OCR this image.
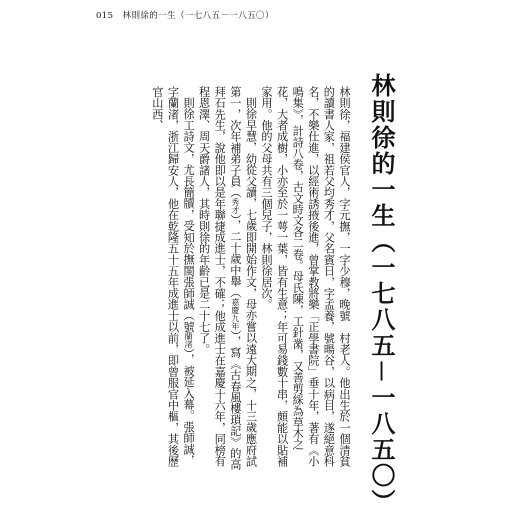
015 林則徐的一生（一七八五－一八五〇）
林則徐的一生（一七八五－一八五〇）

林則徐，福建侯官人，字元撫，一字少穆，晚號　村老人。他出生於一個清貧的讀書人家，祖若父均秀才，父名賓日，字孟養，號暘谷，以病目，遂絕意科名，不樂仕進，以經術誘掖後進，曾掌教將樂「正學書院」垂十年，著有《小鳴集》，計詩八卷，古文時文各二卷。母氏陳，工針黹，又善剪綵為草木之花，大者成樹，小亦至於一萼一葉，皆有生意；年可易錢數十串，頗能以貼補家用。他的父母共有三個兒子，林則徐居次。

則徐早慧，幼從父讀，七歲即開始作文，母亦嘗以遠大期之，十三歲應府試第一，次年補弟子員（秀才），二十歲中舉（嘉慶九年），寫《古春風樓瑣記》的高拜石先生，說他即以是年聯捷成進士，不確；他成進士在嘉慶十六年，同榜有程恩澤、周天爵諸人，其時則徐的年齡已是二十七了。

則徐工詩文，尤長簡牘，受知於撫閩張師誠（號蘭渚），被延入幕。張師誠，字蘭渚，浙江歸安人，他在乾隆五十五年成進士以前，即曾服官中樞，其後歷官山西、
